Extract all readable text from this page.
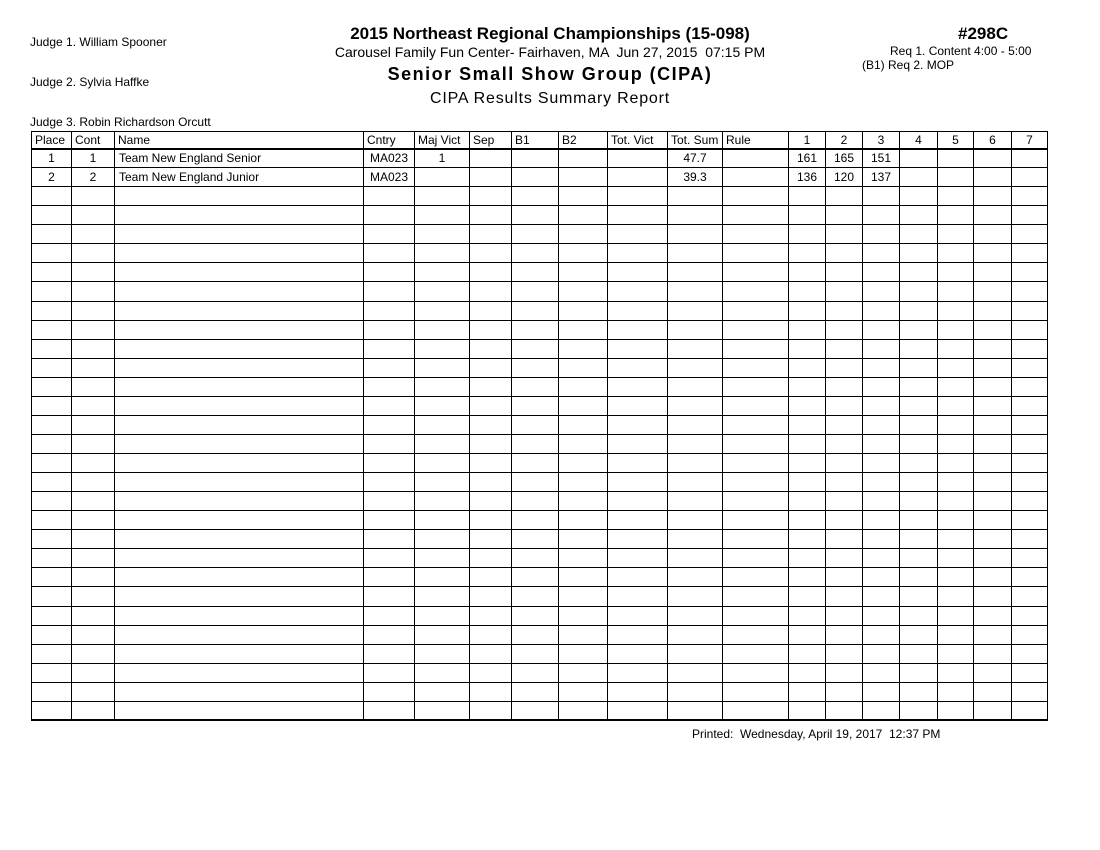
Judge 1. William Spooner

Judge 2. Sylvia Haffke

Judge 3. Robin Richardson Orcutt

2015 Northeast Regional Championships (15-098)
Carousel Family Fun Center- Fairhaven, MA  Jun 27, 2015  07:15 PM
Senior Small Show Group (CIPA)
CIPA Results Summary Report
#298C
Req 1. Content 4:00 - 5:00
(B1) Req 2. MOP
Place	Cont	Name	Cntry	Maj Vict	Sep	B1	B2	Tot. Vict	Tot. Sum	Rule	1	2	3	4	5	6	7
1	1	Team New England Senior	MA023	1					47.7		161	165	151				
2	2	Team New England Junior	MA023						39.3		136	120	137				

Printed:  Wednesday, April 19, 2017  12:37 PM
